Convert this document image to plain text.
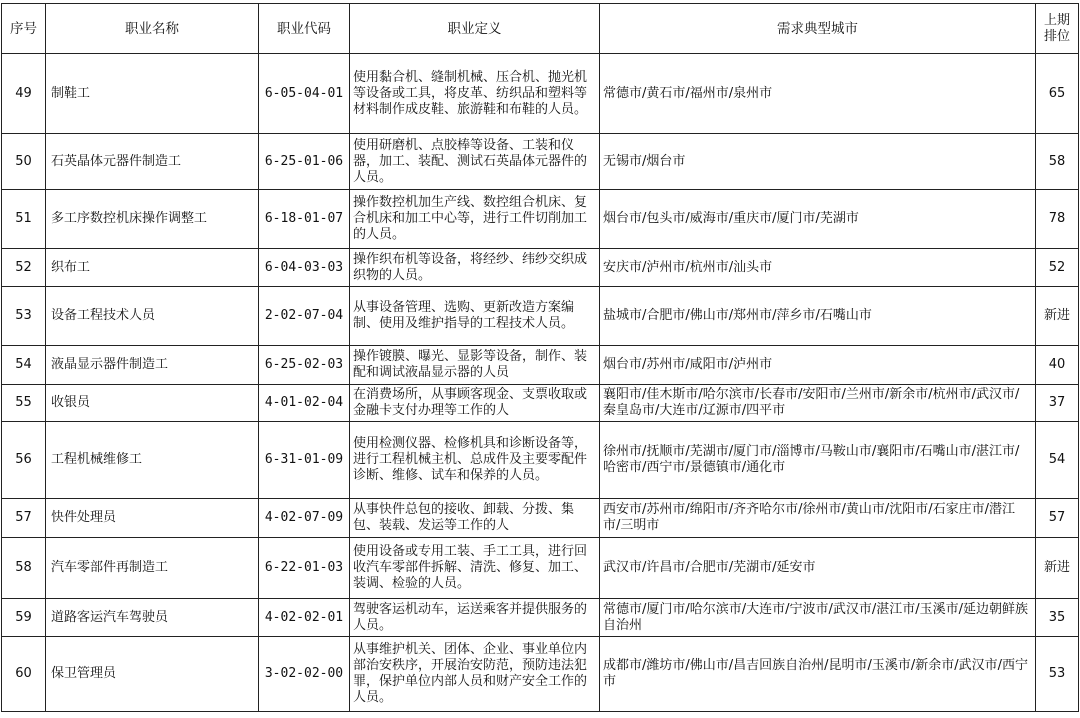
序号	职业名称	职业代码	职业定义	需求典型城市	上期排位
49	制鞋工	6-05-04-01	使用黏合机、缝制机械、压合机、抛光机等设备或工具，将皮革、纺织品和塑料等材料制作成皮鞋、旅游鞋和布鞋的人员。	常德市/黄石市/福州市/泉州市	65
50	石英晶体元器件制造工	6-25-01-06	使用研磨机、点胶棒等设备、工装和仪器，加工、装配、测试石英晶体元器件的人员。	无锡市/烟台市	58
51	多工序数控机床操作调整工	6-18-01-07	操作数控机加生产线、数控组合机床、复合机床和加工中心等，进行工件切削加工的人员。	烟台市/包头市/威海市/重庆市/厦门市/芜湖市	78
52	织布工	6-04-03-03	操作织布机等设备，将经纱、纬纱交织成织物的人员。	安庆市/泸州市/杭州市/汕头市	52
53	设备工程技术人员	2-02-07-04	从事设备管理、选购、更新改造方案编制、使用及维护指导的工程技术人员。	盐城市/合肥市/佛山市/郑州市/萍乡市/石嘴山市	新进
54	液晶显示器件制造工	6-25-02-03	操作镀膜、曝光、显影等设备，制作、装配和调试液晶显示器的人员	烟台市/苏州市/咸阳市/泸州市	40
55	收银员	4-01-02-04	在消费场所，从事顾客现金、支票收取或金融卡支付办理等工作的人	襄阳市/佳木斯市/哈尔滨市/长春市/安阳市/兰州市/新余市/杭州市/武汉市/秦皇岛市/大连市/辽源市/四平市	37
56	工程机械维修工	6-31-01-09	使用检测仪器、检修机具和诊断设备等，进行工程机械主机、总成件及主要零配件诊断、维修、试车和保养的人员。	徐州市/抚顺市/芜湖市/厦门市/淄博市/马鞍山市/襄阳市/石嘴山市/湛江市/哈密市/西宁市/景德镇市/通化市	54
57	快件处理员	4-02-07-09	从事快件总包的接收、卸载、分拨、集包、装载、发运等工作的人	西安市/苏州市/绵阳市/齐齐哈尔市/徐州市/黄山市/沈阳市/石家庄市/潜江市/三明市	57
58	汽车零部件再制造工	6-22-01-03	使用设备或专用工装、手工工具，进行回收汽车零部件拆解、清洗、修复、加工、装调、检验的人员。	武汉市/许昌市/合肥市/芜湖市/延安市	新进
59	道路客运汽车驾驶员	4-02-02-01	驾驶客运机动车，运送乘客并提供服务的人员。	常德市/厦门市/哈尔滨市/大连市/宁波市/武汉市/湛江市/玉溪市/延边朝鲜族自治州	35
60	保卫管理员	3-02-02-00	从事维护机关、团体、企业、事业单位内部治安秩序，开展治安防范，预防违法犯罪，保护单位内部人员和财产安全工作的人员。	成都市/潍坊市/佛山市/昌吉回族自治州/昆明市/玉溪市/新余市/武汉市/西宁市	53
